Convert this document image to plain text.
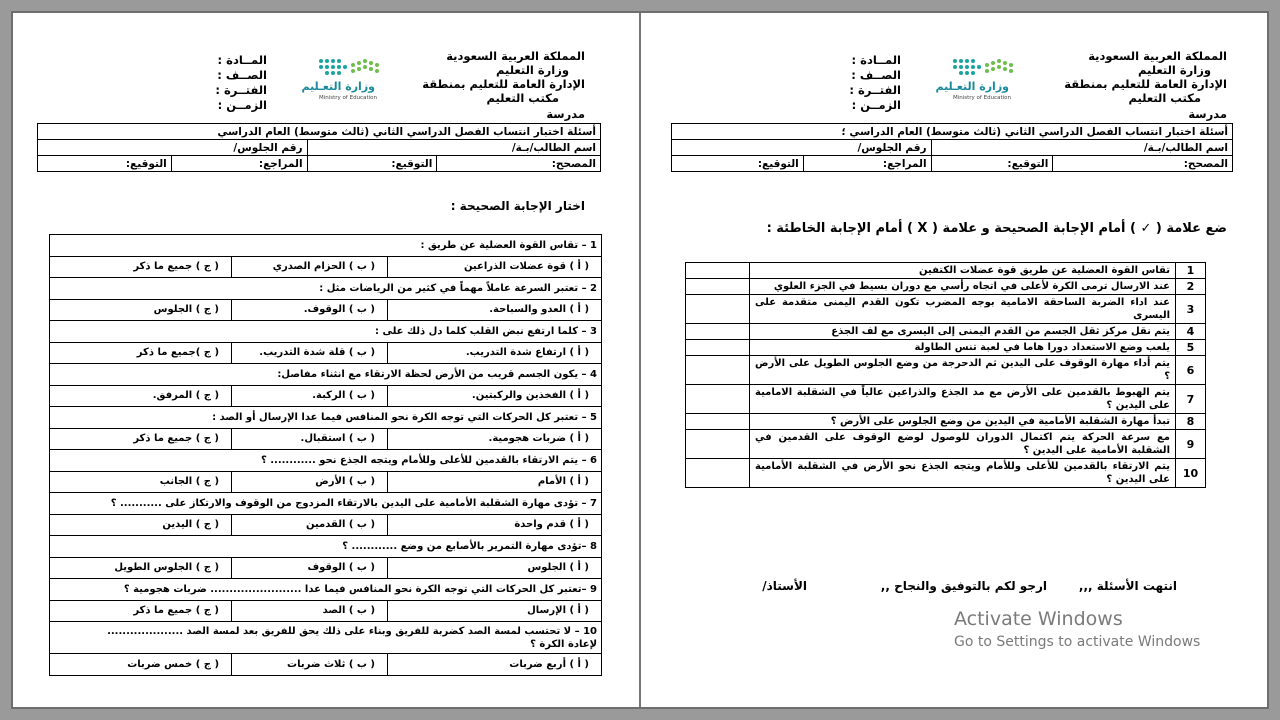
المملكة العربية السعودية
وزارة التعليم
الإدارة العامة للتعليم بمنطقة
مكتب التعليم
مدرسة
وزارة التعـليم
Ministry of Education
المــادة :
الصــف :
الفتــرة :
الزمــن :
أسئلة اختبار انتساب الفصل الدراسي الثاني (ثالث متوسط) العام الدراسي			
اسم الطالب/بـة/		رقم الجلوس/	
المصحح:	التوقيع:	المراجع:	التوقيع:
اختار الإجابة الصحيحة :
1 – تقاس القوة العضلية عن طريق :		
( أ ) قوة عضلات الذراعين	( ب ) الحزام الصدري	( ج ) جميع ما ذكر
2 – تعتبر السرعة عاملاً مهماً في كثير من الرياضات مثل :		
( أ ) العدو والسباحة.	( ب ) الوقوف.	( ج ) الجلوس
3 – كلما ارتفع نبض القلب كلما دل ذلك على :		
( أ ) ارتفاع شدة التدريب.	( ب ) قلة شدة التدريب.	( ج )جميع ما ذكر
4 – يكون الجسم قريب من الأرض لحظة الارتقاء مع انثناء مفاصل:		
( أ ) الفخذين والركبتين.	( ب ) الركبة.	( ج ) المرفق.
5 – تعتبر كل الحركات التي توجه الكرة نحو المنافس فيما عدا الإرسال أو الصد :		
( أ ) ضربات هجومية.	( ب ) استقبال.	( ج ) جميع ما ذكر
6 – يتم الارتقاء بالقدمين للأعلى وللأمام ويتجه الجذع نحو ............ ؟		
( أ ) الأمام	( ب ) الأرض	( ج ) الجانب
7 – تؤدى مهارة الشقلبة الأمامية على اليدين بالارتقاء المزدوج من الوقوف والارتكاز على ........... ؟		
( أ ) قدم واحدة	( ب ) القدمين	( ج ) اليدين
8 –تؤدى مهارة التمرير بالأصابع من وضع ............ ؟		
( أ ) الجلوس	( ب ) الوقوف	( ج ) الجلوس الطويل
9 –تعتبر كل الحركات التي توجه الكرة نحو المنافس فيما عدا ........................ ضربات هجومية ؟		
( أ ) الإرسال	( ب ) الصد	( ج ) جميع ما ذكر

10 – لا تحتسب لمسة الصد كضربة للفريق وبناء على ذلك يحق للفريق بعد لمسة الصد ....................
لإعادة الكرة ؟		

( أ ) أربع ضربات	( ب ) ثلاث ضربات	( ج ) خمس ضربات
المملكة العربية السعودية
وزارة التعليم
الإدارة العامة للتعليم بمنطقة
مكتب التعليم
مدرسة
وزارة التعـليم
Ministry of Education
المــادة :
الصــف :
الفتــرة :
الزمــن :
أسئلة اختبار انتساب الفصل الدراسي الثاني (ثالث متوسط) العام الدراسي ؛			
اسم الطالب/بـة/		رقم الجلوس/	
المصحح:	التوقيع:	المراجع:	التوقيع:
ضع علامة ( ✓ ) أمام الإجابة الصحيحة و علامة ( X ) أمام الإجابة الخاطئة :
1	تقاس القوة العضلية عن طريق قوة عضلات الكتفين	
2	عند الارسال ترمى الكرة لأعلى في اتجاه رأسي مع دوران بسيط في الجزء العلوي	
3	عند اداء الضربة الساحقة الامامية بوجه المضرب تكون القدم اليمنى متقدمة على اليسرى	
4	يتم نقل مركز ثقل الجسم من القدم اليمنى إلى اليسرى مع لف الجذع	
5	يلعب وضع الاستعداد دورا هاما في لعبة تنس الطاولة	
6	يتم أداء مهارة الوقوف على اليدين ثم الدحرجة من وضع الجلوس الطويل على الأرض ؟	
7	يتم الهبوط بالقدمين على الأرض مع مد الجذع والذراعين عالياً في الشقلبة الامامية على اليدين ؟	
8	تبدأ مهارة الشقلبة الأمامية في اليدين من وضع الجلوس على الأرض ؟	
9	مع سرعة الحركة يتم اكتمال الدوران للوصول لوضع الوقوف على القدمين في الشقلبة الأمامية على اليدين ؟	
10	يتم الارتقاء بالقدمين للأعلى وللأمام ويتجه الجذع نحو الأرض في الشقلبة الأمامية على اليدين ؟	
انتهت الأسئلة ,,,
ارجو لكم بالتوفيق والنجاح ,,
الأستاذ/
Activate Windows
Go to Settings to activate Windows
